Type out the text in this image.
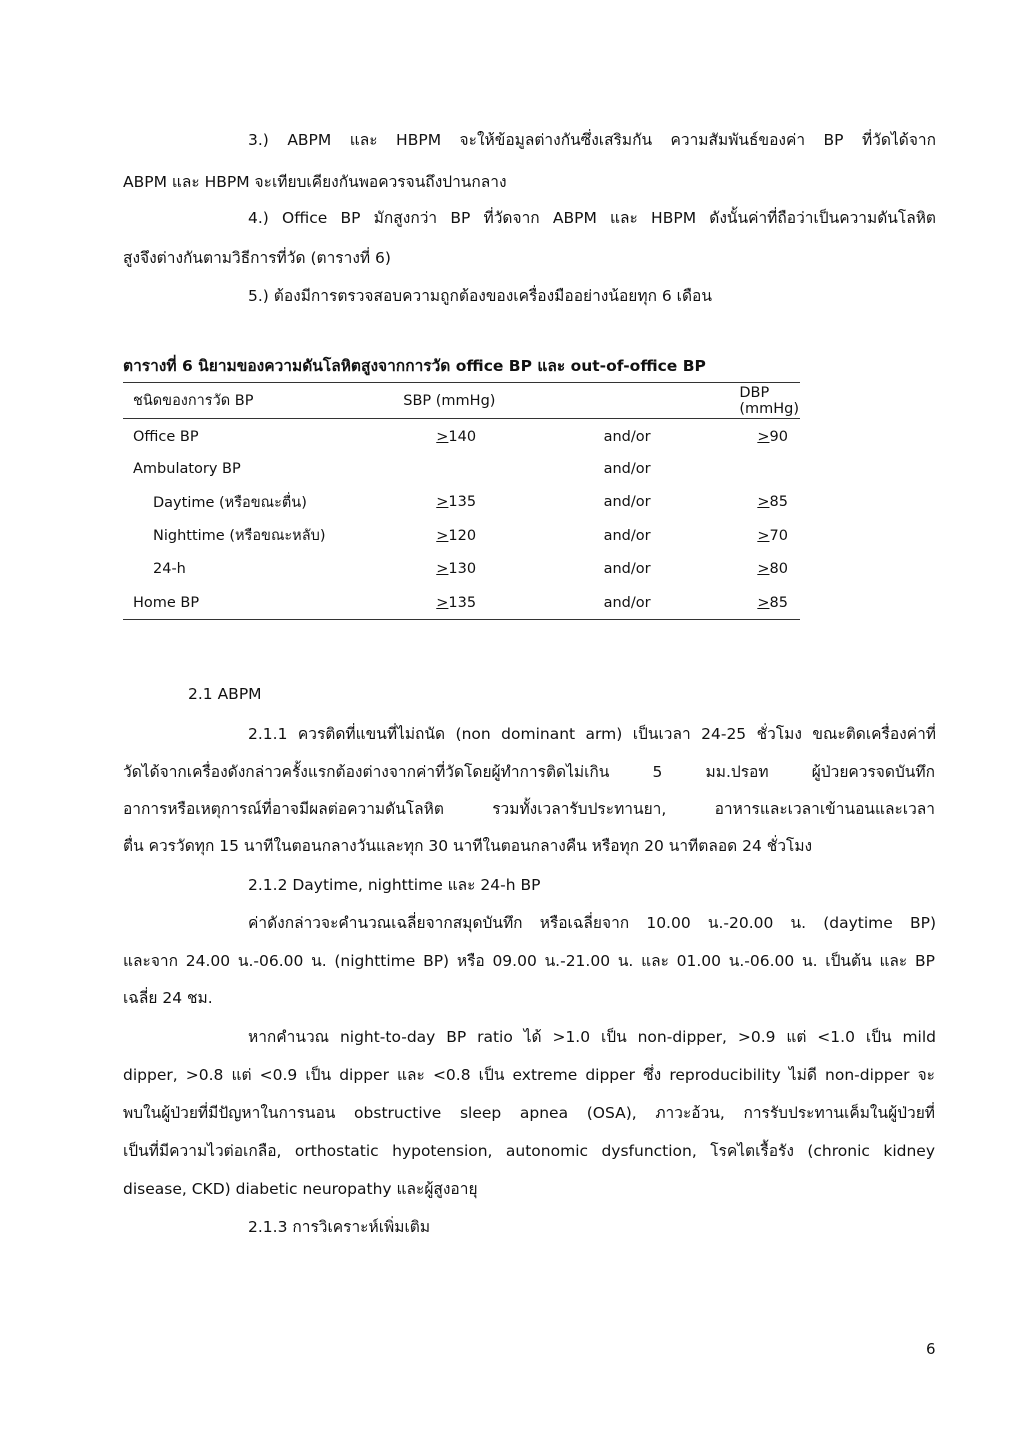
3.) ABPM และ HBPM จะให้ข้อมูลต่างกันซึ่งเสริมกัน ความสัมพันธ์ของค่า BP ที่วัดได้จาก
ABPM และ HBPM จะเทียบเคียงกันพอควรจนถึงปานกลาง
4.) Office BP มักสูงกว่า BP ที่วัดจาก ABPM และ HBPM ดังนั้นค่าที่ถือว่าเป็นความดันโลหิต
สูงจึงต่างกันตามวิธีการที่วัด (ตารางที่ 6)
5.) ต้องมีการตรวจสอบความถูกต้องของเครื่องมืออย่างน้อยทุก 6 เดือน
ตารางที่ 6 นิยามของความดันโลหิตสูงจากการวัด office BP และ out-of-office BP
ชนิดของการวัด BP	SBP (mmHg)		DBP (mmHg)
Office BP	>140	and/or	>90
Ambulatory BP		and/or	
Daytime (หรือขณะตื่น)	>135	and/or	>85
Nighttime (หรือขณะหลับ)	>120	and/or	>70
24-h	>130	and/or	>80
Home BP	>135	and/or	>85
2.1 ABPM
2.1.1 ควรติดที่แขนที่ไม่ถนัด (non dominant arm) เป็นเวลา 24-25 ชั่วโมง ขณะติดเครื่องค่าที่
วัดได้จากเครื่องดังกล่าวครั้งแรกต้องต่างจากค่าที่วัดโดยผู้ทำการติดไม่เกิน 5 มม.ปรอท ผู้ป่วยควรจดบันทึก
อาการหรือเหตุการณ์ที่อาจมีผลต่อความดันโลหิต รวมทั้งเวลารับประทานยา, อาหารและเวลาเข้านอนและเวลา
ตื่น ควรวัดทุก 15 นาทีในตอนกลางวันและทุก 30 นาทีในตอนกลางคืน หรือทุก 20 นาทีตลอด 24 ชั่วโมง
2.1.2 Daytime, nighttime และ 24-h BP
ค่าดังกล่าวจะคำนวณเฉลี่ยจากสมุดบันทึก หรือเฉลี่ยจาก 10.00 น.-20.00 น. (daytime BP)
และจาก 24.00 น.-06.00 น. (nighttime BP) หรือ 09.00 น.-21.00 น. และ 01.00 น.-06.00 น. เป็นต้น และ BP
เฉลี่ย 24 ชม.
หากคำนวณ night-to-day BP ratio ได้ >1.0 เป็น non-dipper, >0.9 แต่ <1.0 เป็น mild
dipper, >0.8 แต่ <0.9 เป็น dipper และ <0.8 เป็น extreme dipper ซึ่ง reproducibility ไม่ดี non-dipper จะ
พบในผู้ป่วยที่มีปัญหาในการนอน obstructive sleep apnea (OSA), ภาวะอ้วน, การรับประทานเค็มในผู้ป่วยที่
เป็นที่มีความไวต่อเกลือ, orthostatic hypotension, autonomic dysfunction, โรคไตเรื้อรัง (chronic kidney
disease, CKD) diabetic neuropathy และผู้สูงอายุ
2.1.3 การวิเคราะห์เพิ่มเติม
6
